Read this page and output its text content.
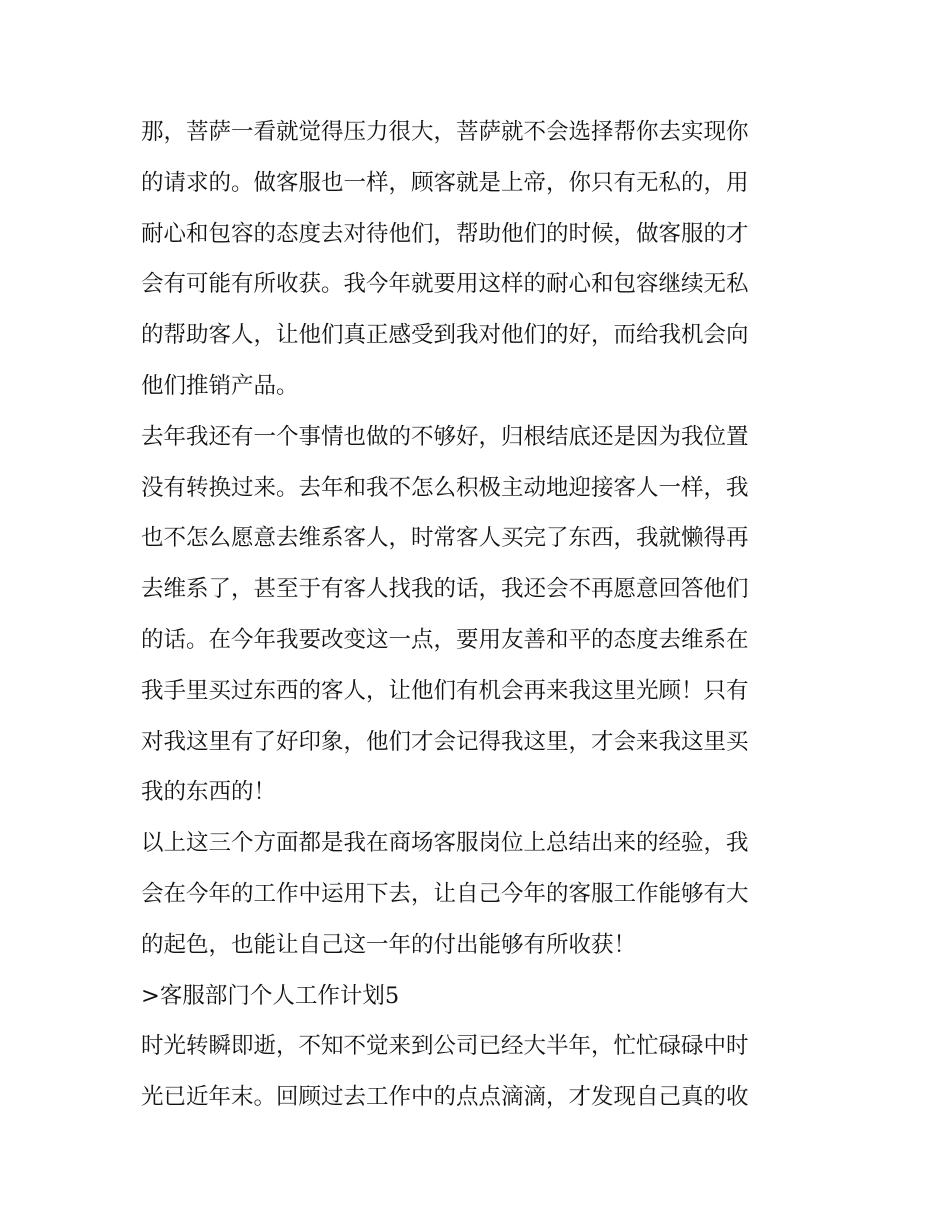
那，菩萨一看就觉得压力很大，菩萨就不会选择帮你去实现你
的请求的。做客服也一样，顾客就是上帝，你只有无私的，用
耐心和包容的态度去对待他们，帮助他们的时候，做客服的才
会有可能有所收获。我今年就要用这样的耐心和包容继续无私
的帮助客人，让他们真正感受到我对他们的好，而给我机会向
他们推销产品。
去年我还有一个事情也做的不够好，归根结底还是因为我位置
没有转换过来。去年和我不怎么积极主动地迎接客人一样，我
也不怎么愿意去维系客人，时常客人买完了东西，我就懒得再
去维系了，甚至于有客人找我的话，我还会不再愿意回答他们
的话。在今年我要改变这一点，要用友善和平的态度去维系在
我手里买过东西的客人，让他们有机会再来我这里光顾！只有
对我这里有了好印象，他们才会记得我这里，才会来我这里买
我的东西的！
以上这三个方面都是我在商场客服岗位上总结出来的经验，我
会在今年的工作中运用下去，让自己今年的客服工作能够有大
的起色，也能让自己这一年的付出能够有所收获！
>客服部门个人工作计划5
时光转瞬即逝，不知不觉来到公司已经大半年，忙忙碌碌中时
光已近年末。回顾过去工作中的点点滴滴，才发现自己真的收
